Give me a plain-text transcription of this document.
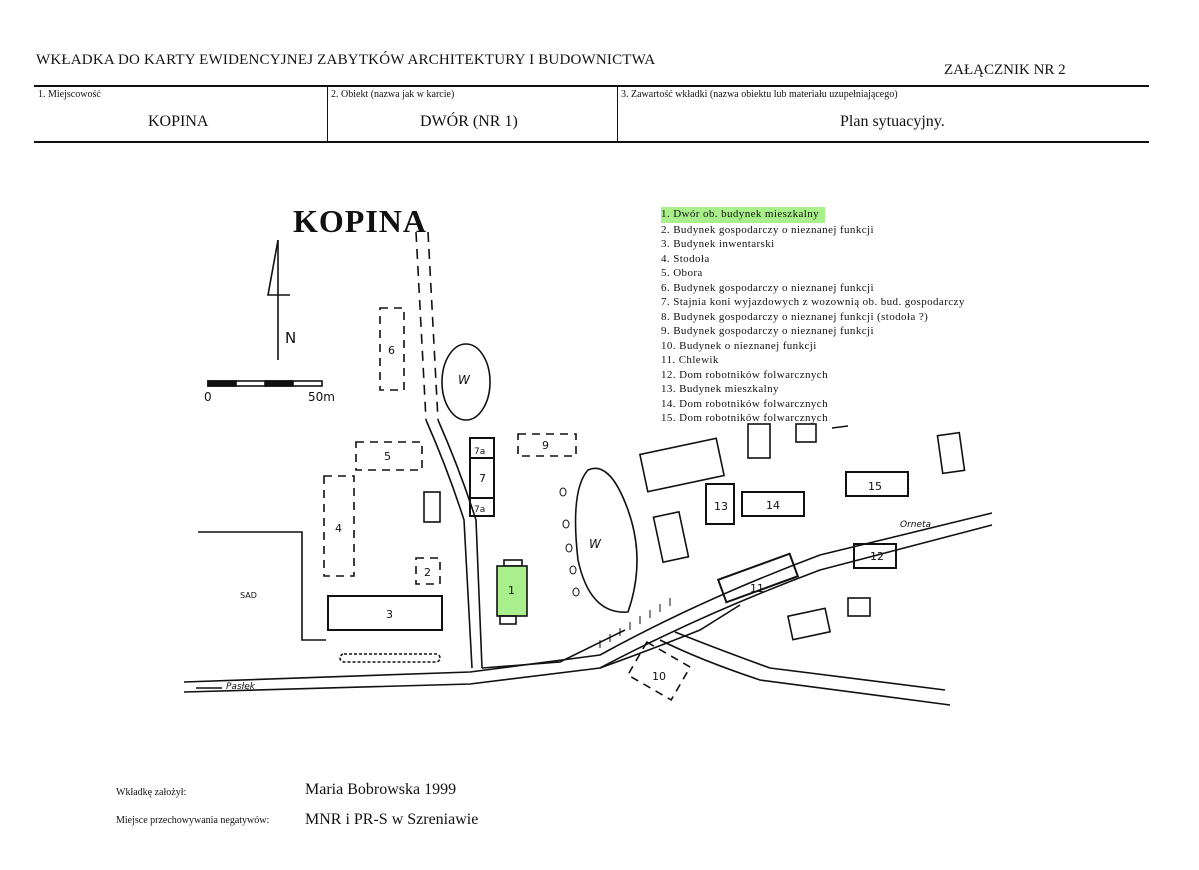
WKŁADKA DO KARTY EWIDENCYJNEJ ZABYTKÓW ARCHITEKTURY I BUDOWNICTWA
ZAŁĄCZNIK NR 2
1. Miejscowość
KOPINA
2. Obiekt (nazwa jak w karcie)
DWÓR (NR 1)
3. Zawartość wkładki (nazwa obiektu lub materiału uzupełniającego)
Plan sytuacyjny.
N
0	50m
W
W
SAD
Pasłęk
Orneta
6
5
4
2
3
7
7a
7a
9
1
13	14
15
12
11
10
KOPINA	1. Dwór ob. budynek mieszkalny
2. Budynek gospodarczy o nieznanej funkcji
3. Budynek inwentarski
4. Stodoła
5. Obora
6. Budynek gospodarczy o nieznanej funkcji
7. Stajnia koni wyjazdowych z wozownią ob. bud. gospodarczy
8. Budynek gospodarczy o nieznanej funkcji (stodoła ?)
9. Budynek gospodarczy o nieznanej funkcji
10. Budynek o nieznanej funkcji
11. Chlewik
12. Dom robotników folwarcznych
13. Budynek mieszkalny
14. Dom robotników folwarcznych
15. Dom robotników folwarcznych
Wkładkę założył:	Maria Bobrowska 1999
Miejsce przechowywania negatywów: MNR i PR-S w Szreniawie
